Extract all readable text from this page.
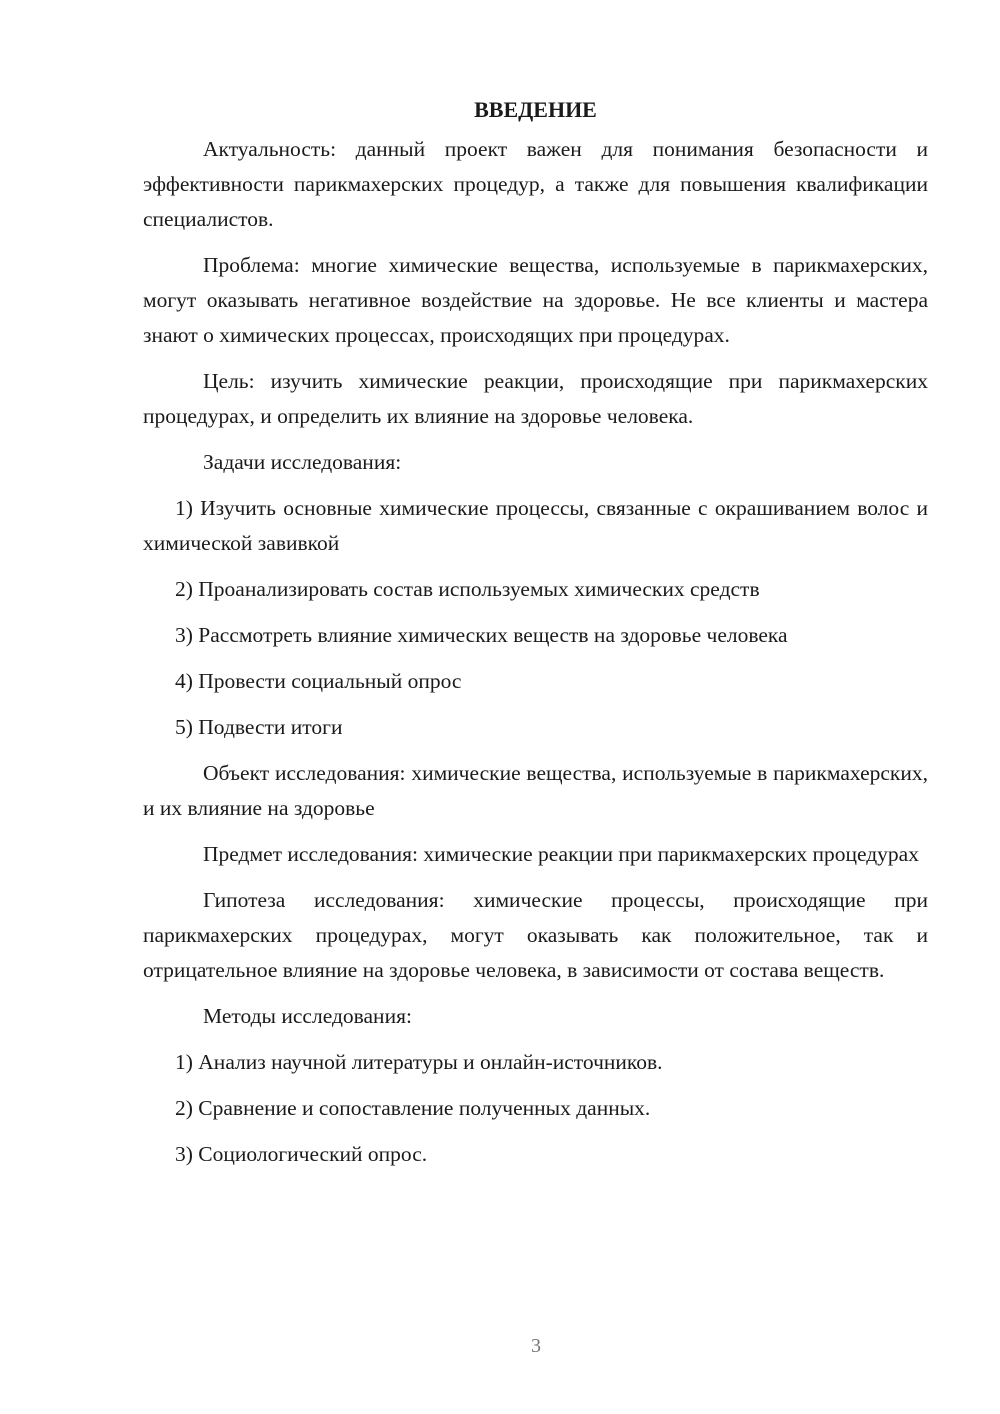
ВВЕДЕНИЕ

Актуальность: данный проект важен для понимания безопасности и эффективности парикмахерских процедур, а также для повышения квалификации специалистов.

Проблема: многие химические вещества, используемые в парикмахерских, могут оказывать негативное воздействие на здоровье. Не все клиенты и мастера знают о химических процессах, происходящих при процедурах.

Цель: изучить химические реакции, происходящие при парикмахерских процедурах, и определить их влияние на здоровье человека.

Задачи исследования:

1) Изучить основные химические процессы, связанные с окрашиванием волос и химической завивкой

2) Проанализировать состав используемых химических средств

3) Рассмотреть влияние химических веществ на здоровье человека

4) Провести социальный опрос

5) Подвести итоги

Объект исследования: химические вещества, используемые в парикмахерских, и их влияние на здоровье

Предмет исследования: химические реакции при парикмахерских процедурах

Гипотеза исследования: химические процессы, происходящие при парикмахерских процедурах, могут оказывать как положительное, так и отрицательное влияние на здоровье человека, в зависимости от состава веществ.

Методы исследования:

1) Анализ научной литературы и онлайн-источников.

2) Сравнение и сопоставление полученных данных.

3) Социологический опрос.

3
